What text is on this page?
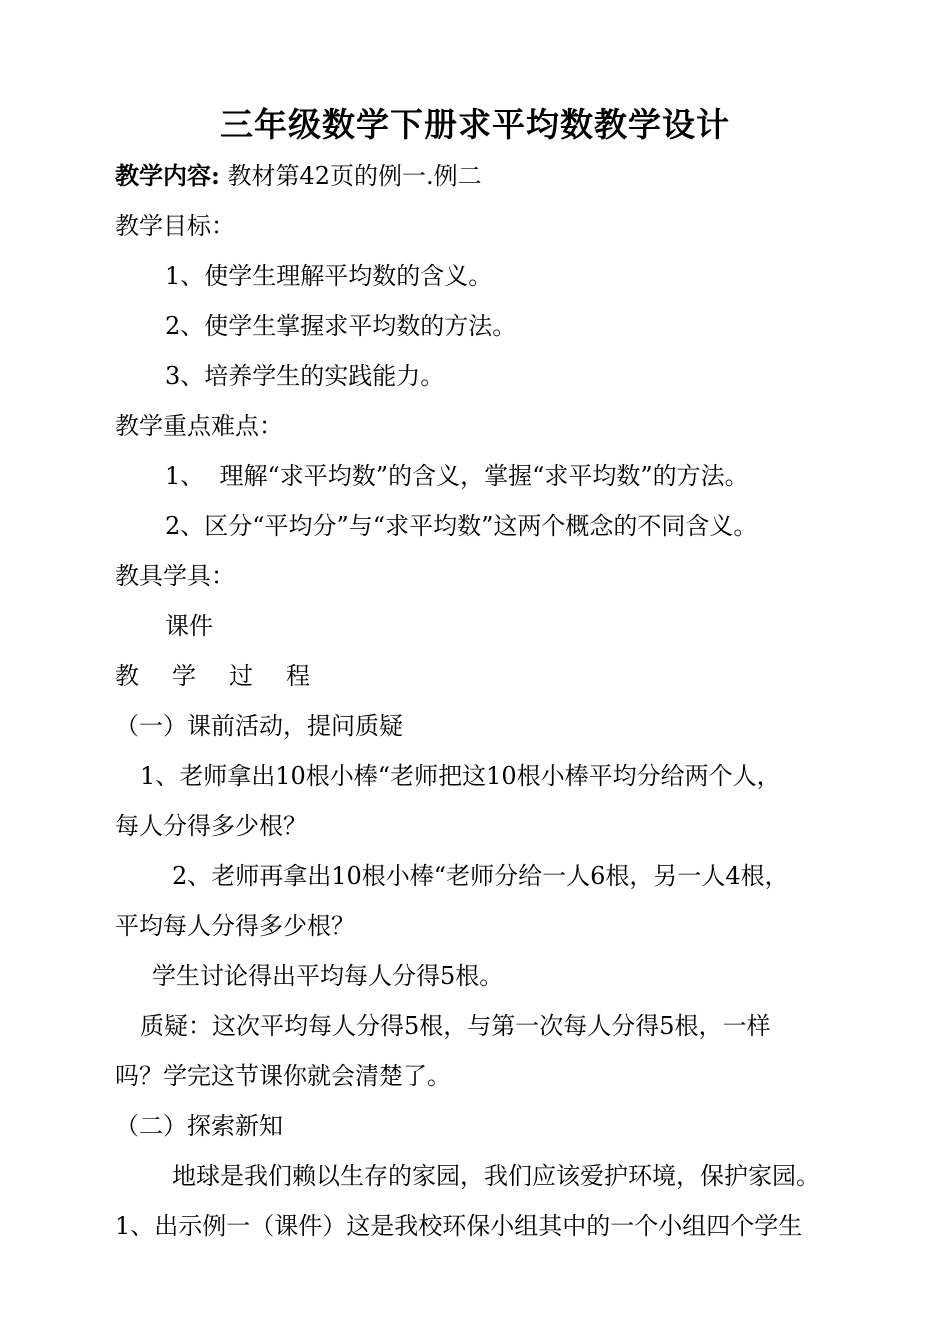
三年级数学下册求平均数教学设计
教学内容: 教材第42页的例一.例二
教学目标：
1、使学生理解平均数的含义。
2、使学生掌握求平均数的方法。
3、培养学生的实践能力。
教学重点难点：
1、  理解“求平均数”的含义，掌握“求平均数”的方法。
2、区分“平均分”与“求平均数”这两个概念的不同含义。
教具学具：
课件
教学过程
（一）课前活动，提问质疑
1、老师拿出10根小棒“老师把这10根小棒平均分给两个人，
每人分得多少根？
2、老师再拿出10根小棒“老师分给一人6根，另一人4根，
平均每人分得多少根？
学生讨论得出平均每人分得5根。
质疑：这次平均每人分得5根，与第一次每人分得5根，一样
吗？学完这节课你就会清楚了。
（二）探索新知
地球是我们赖以生存的家园，我们应该爱护环境，保护家园。
1、出示例一（课件）这是我校环保小组其中的一个小组四个学生
